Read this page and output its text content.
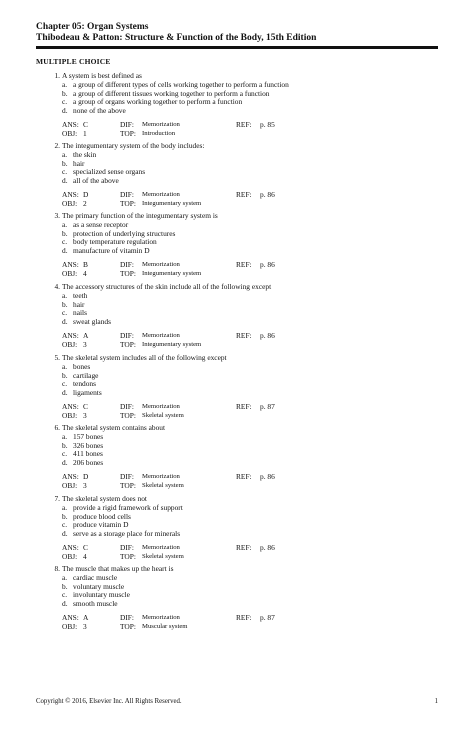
Chapter 05: Organ Systems
Thibodeau & Patton: Structure & Function of the Body, 15th Edition
MULTIPLE CHOICE
1. A system is best defined as
a. a group of different types of cells working together to perform a function
b. a group of different tissues working together to perform a function
c. a group of organs working together to perform a function
d. none of the above
ANS: C	DIF: Memorization	REF: p. 85
OBJ: 1	TOP: Introduction
2. The integumentary system of the body includes:
a. the skin
b. hair
c. specialized sense organs
d. all of the above
ANS: D	DIF: Memorization	REF: p. 86
OBJ: 2	TOP: Integumentary system
3. The primary function of the integumentary system is
a. as a sense receptor
b. protection of underlying structures
c. body temperature regulation
d. manufacture of vitamin D
ANS: B	DIF: Memorization	REF: p. 86
OBJ: 4	TOP: Integumentary system
4. The accessory structures of the skin include all of the following except
a. teeth
b. hair
c. nails
d. sweat glands
ANS: A	DIF: Memorization	REF: p. 86
OBJ: 3	TOP: Integumentary system
5. The skeletal system includes all of the following except
a. bones
b. cartilage
c. tendons
d. ligaments
ANS: C	DIF: Memorization	REF: p. 87
OBJ: 3	TOP: Skeletal system
6. The skeletal system contains about
a. 157 bones
b. 326 bones
c. 411 bones
d. 206 bones
ANS: D	DIF: Memorization	REF: p. 86
OBJ: 3	TOP: Skeletal system
7. The skeletal system does not
a. provide a rigid framework of support
b. produce blood cells
c. produce vitamin D
d. serve as a storage place for minerals
ANS: C	DIF: Memorization	REF: p. 86
OBJ: 4	TOP: Skeletal system
8. The muscle that makes up the heart is
a. cardiac muscle
b. voluntary muscle
c. involuntary muscle
d. smooth muscle
ANS: A	DIF: Memorization	REF: p. 87
OBJ: 3	TOP: Muscular system
Copyright © 2016, Elsevier Inc. All Rights Reserved.	1
